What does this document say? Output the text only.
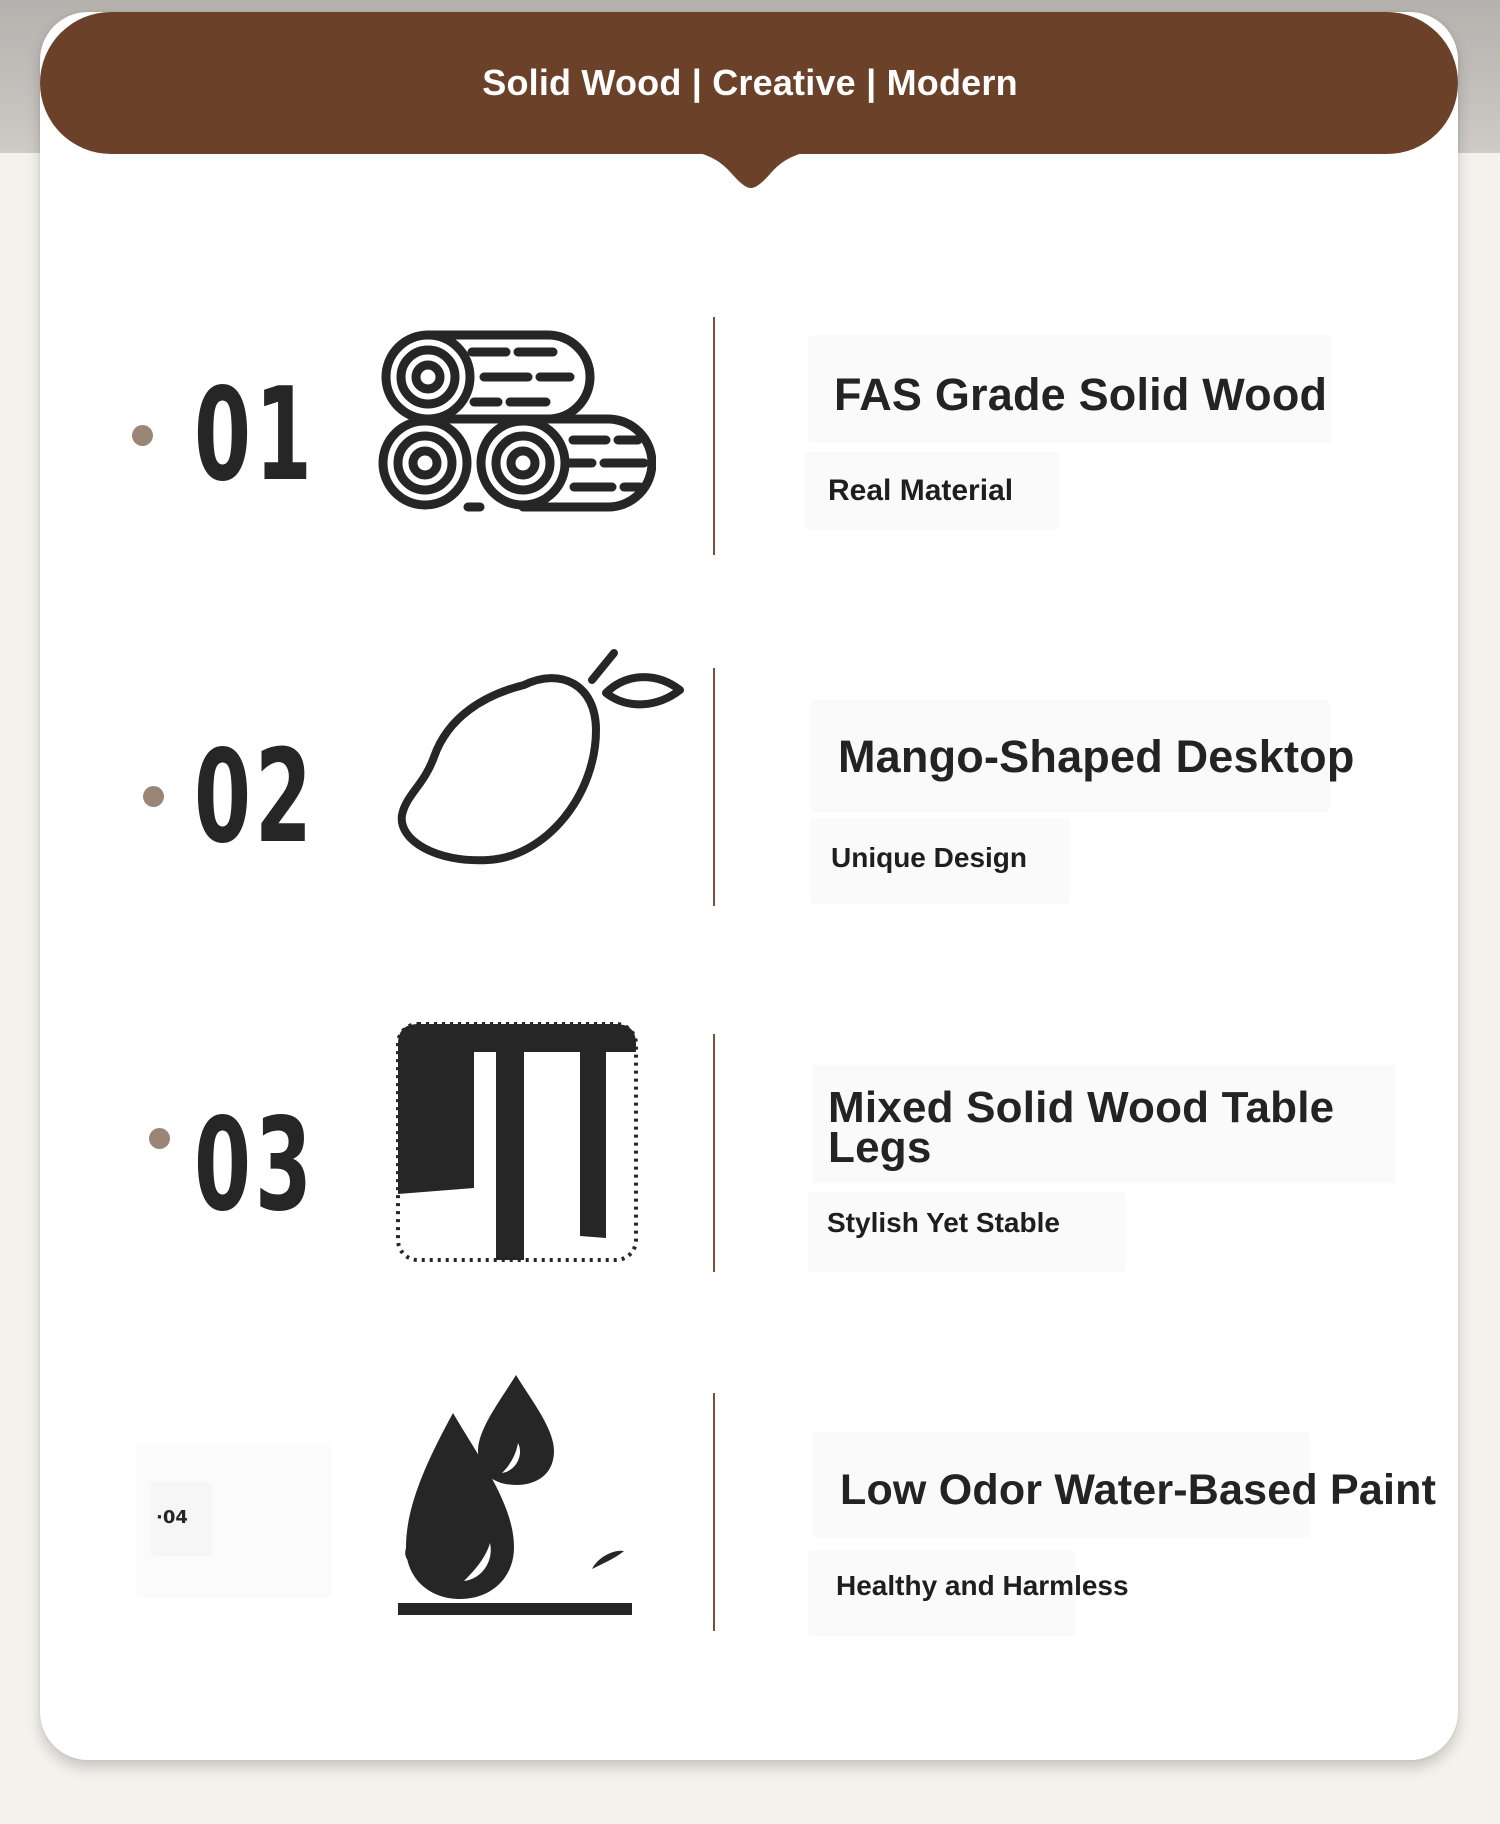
Solid Wood | Creative | Modern
01	FAS Grade Solid Wood
Real Material
02	Mango-Shaped Desktop
Unique Design
03	Mixed Solid Wood Table Legs
Stylish Yet Stable
·04
Low Odor Water-Based Paint
Healthy and Harmless
